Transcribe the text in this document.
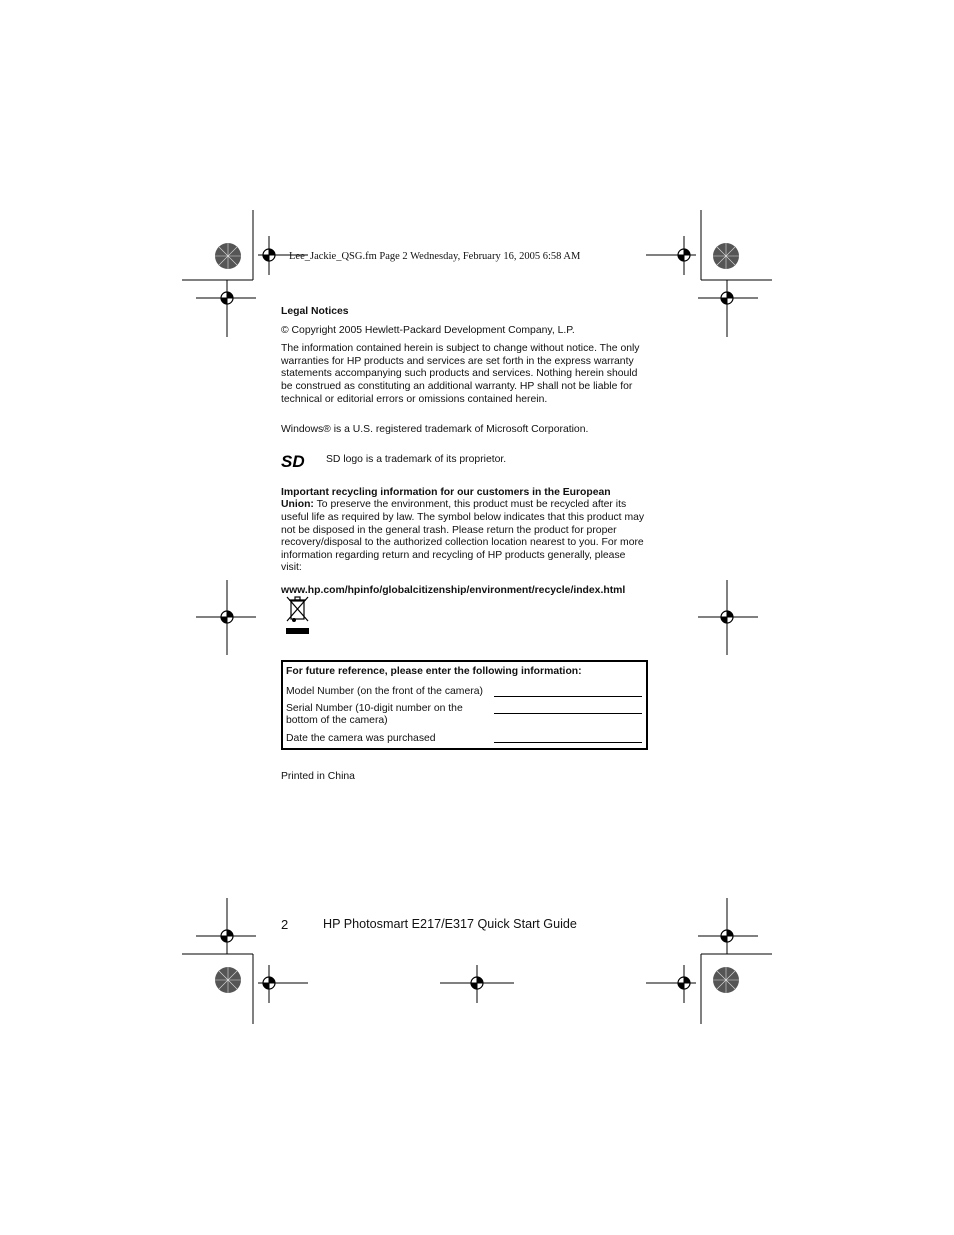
Lee_Jackie_QSG.fm Page 2 Wednesday, February 16, 2005 6:58 AM

Legal Notices

© Copyright 2005 Hewlett-Packard Development Company, L.P.

The information contained herein is subject to change without notice. The only warranties for HP products and services are set forth in the express warranty statements accompanying such products and services. Nothing herein should be construed as constituting an additional warranty. HP shall not be liable for technical or editorial errors or omissions contained herein.

Windows® is a U.S. registered trademark of Microsoft Corporation.

SD SD logo is a trademark of its proprietor.

Important recycling information for our customers in the European Union: To preserve the environment, this product must be recycled after its useful life as required by law. The symbol below indicates that this product may not be disposed in the general trash. Please return the product for proper recovery/disposal to the authorized collection location nearest to you. For more information regarding return and recycling of HP products generally, please visit:

www.hp.com/hpinfo/globalcitizenship/environment/recycle/index.html

For future reference, please enter the following information:
Model Number (on the front of the camera)
Serial Number (10-digit number on the bottom of the camera)
Date the camera was purchased
Printed in China
2	HP Photosmart E217/E317 Quick Start Guide
